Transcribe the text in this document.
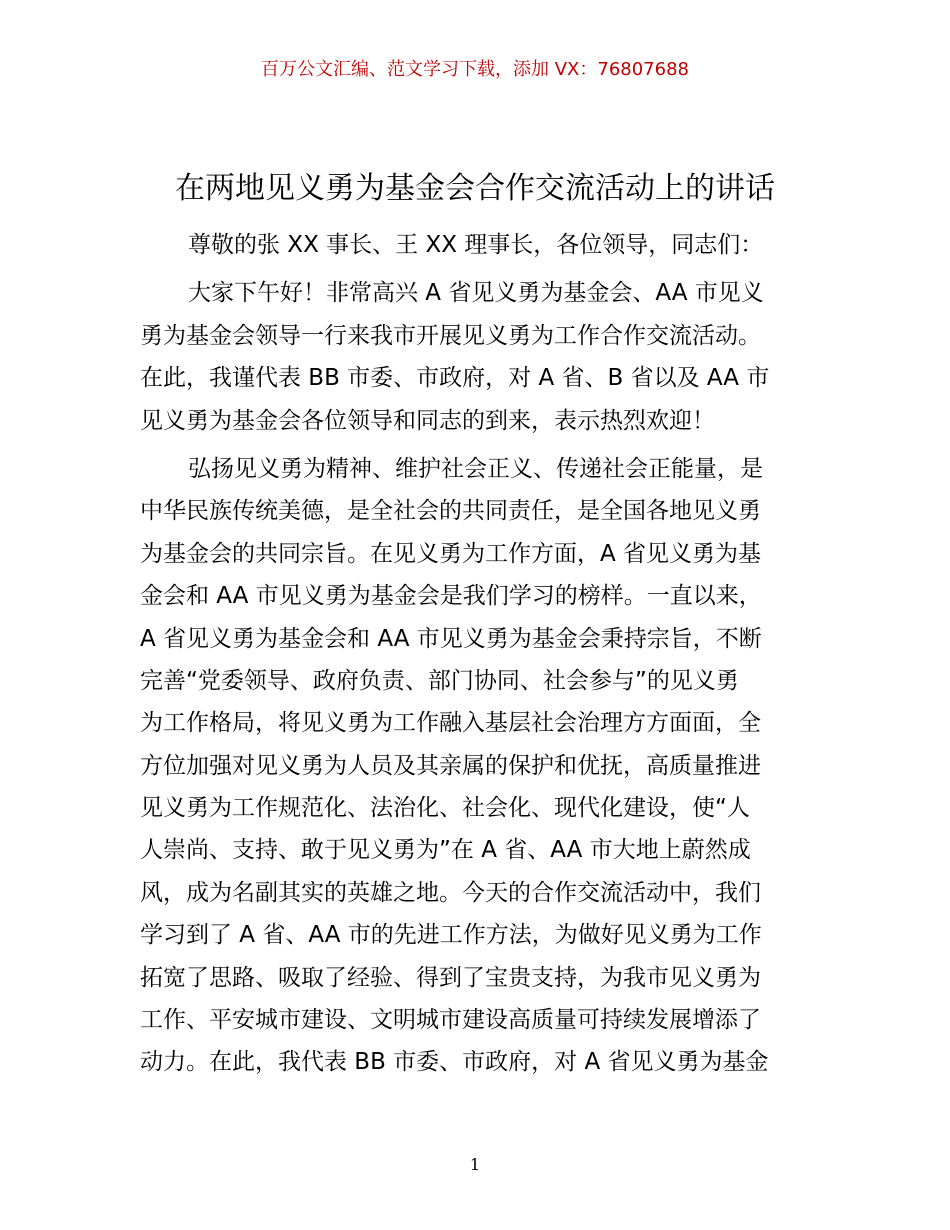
百万公文汇编、范文学习下载，添加 VX：76807688
在两地见义勇为基金会合作交流活动上的讲话
尊敬的张 XX 事长、王 XX 理事长，各位领导，同志们：
大家下午好！非常高兴 A 省见义勇为基金会、AA 市见义
勇为基金会领导一行来我市开展见义勇为工作合作交流活动。
在此，我谨代表 BB 市委、市政府，对 A 省、B 省以及 AA 市
见义勇为基金会各位领导和同志的到来，表示热烈欢迎！
弘扬见义勇为精神、维护社会正义、传递社会正能量，是
中华民族传统美德，是全社会的共同责任，是全国各地见义勇
为基金会的共同宗旨。在见义勇为工作方面，A 省见义勇为基
金会和 AA 市见义勇为基金会是我们学习的榜样。一直以来，
A 省见义勇为基金会和 AA 市见义勇为基金会秉持宗旨，不断
完善“党委领导、政府负责、部门协同、社会参与”的见义勇
为工作格局，将见义勇为工作融入基层社会治理方方面面，全
方位加强对见义勇为人员及其亲属的保护和优抚，高质量推进
见义勇为工作规范化、法治化、社会化、现代化建设，使“人
人崇尚、支持、敢于见义勇为”在 A 省、AA 市大地上蔚然成
风，成为名副其实的英雄之地。今天的合作交流活动中，我们
学习到了 A 省、AA 市的先进工作方法，为做好见义勇为工作
拓宽了思路、吸取了经验、得到了宝贵支持，为我市见义勇为
工作、平安城市建设、文明城市建设高质量可持续发展增添了
动力。在此，我代表 BB 市委、市政府，对 A 省见义勇为基金
1
